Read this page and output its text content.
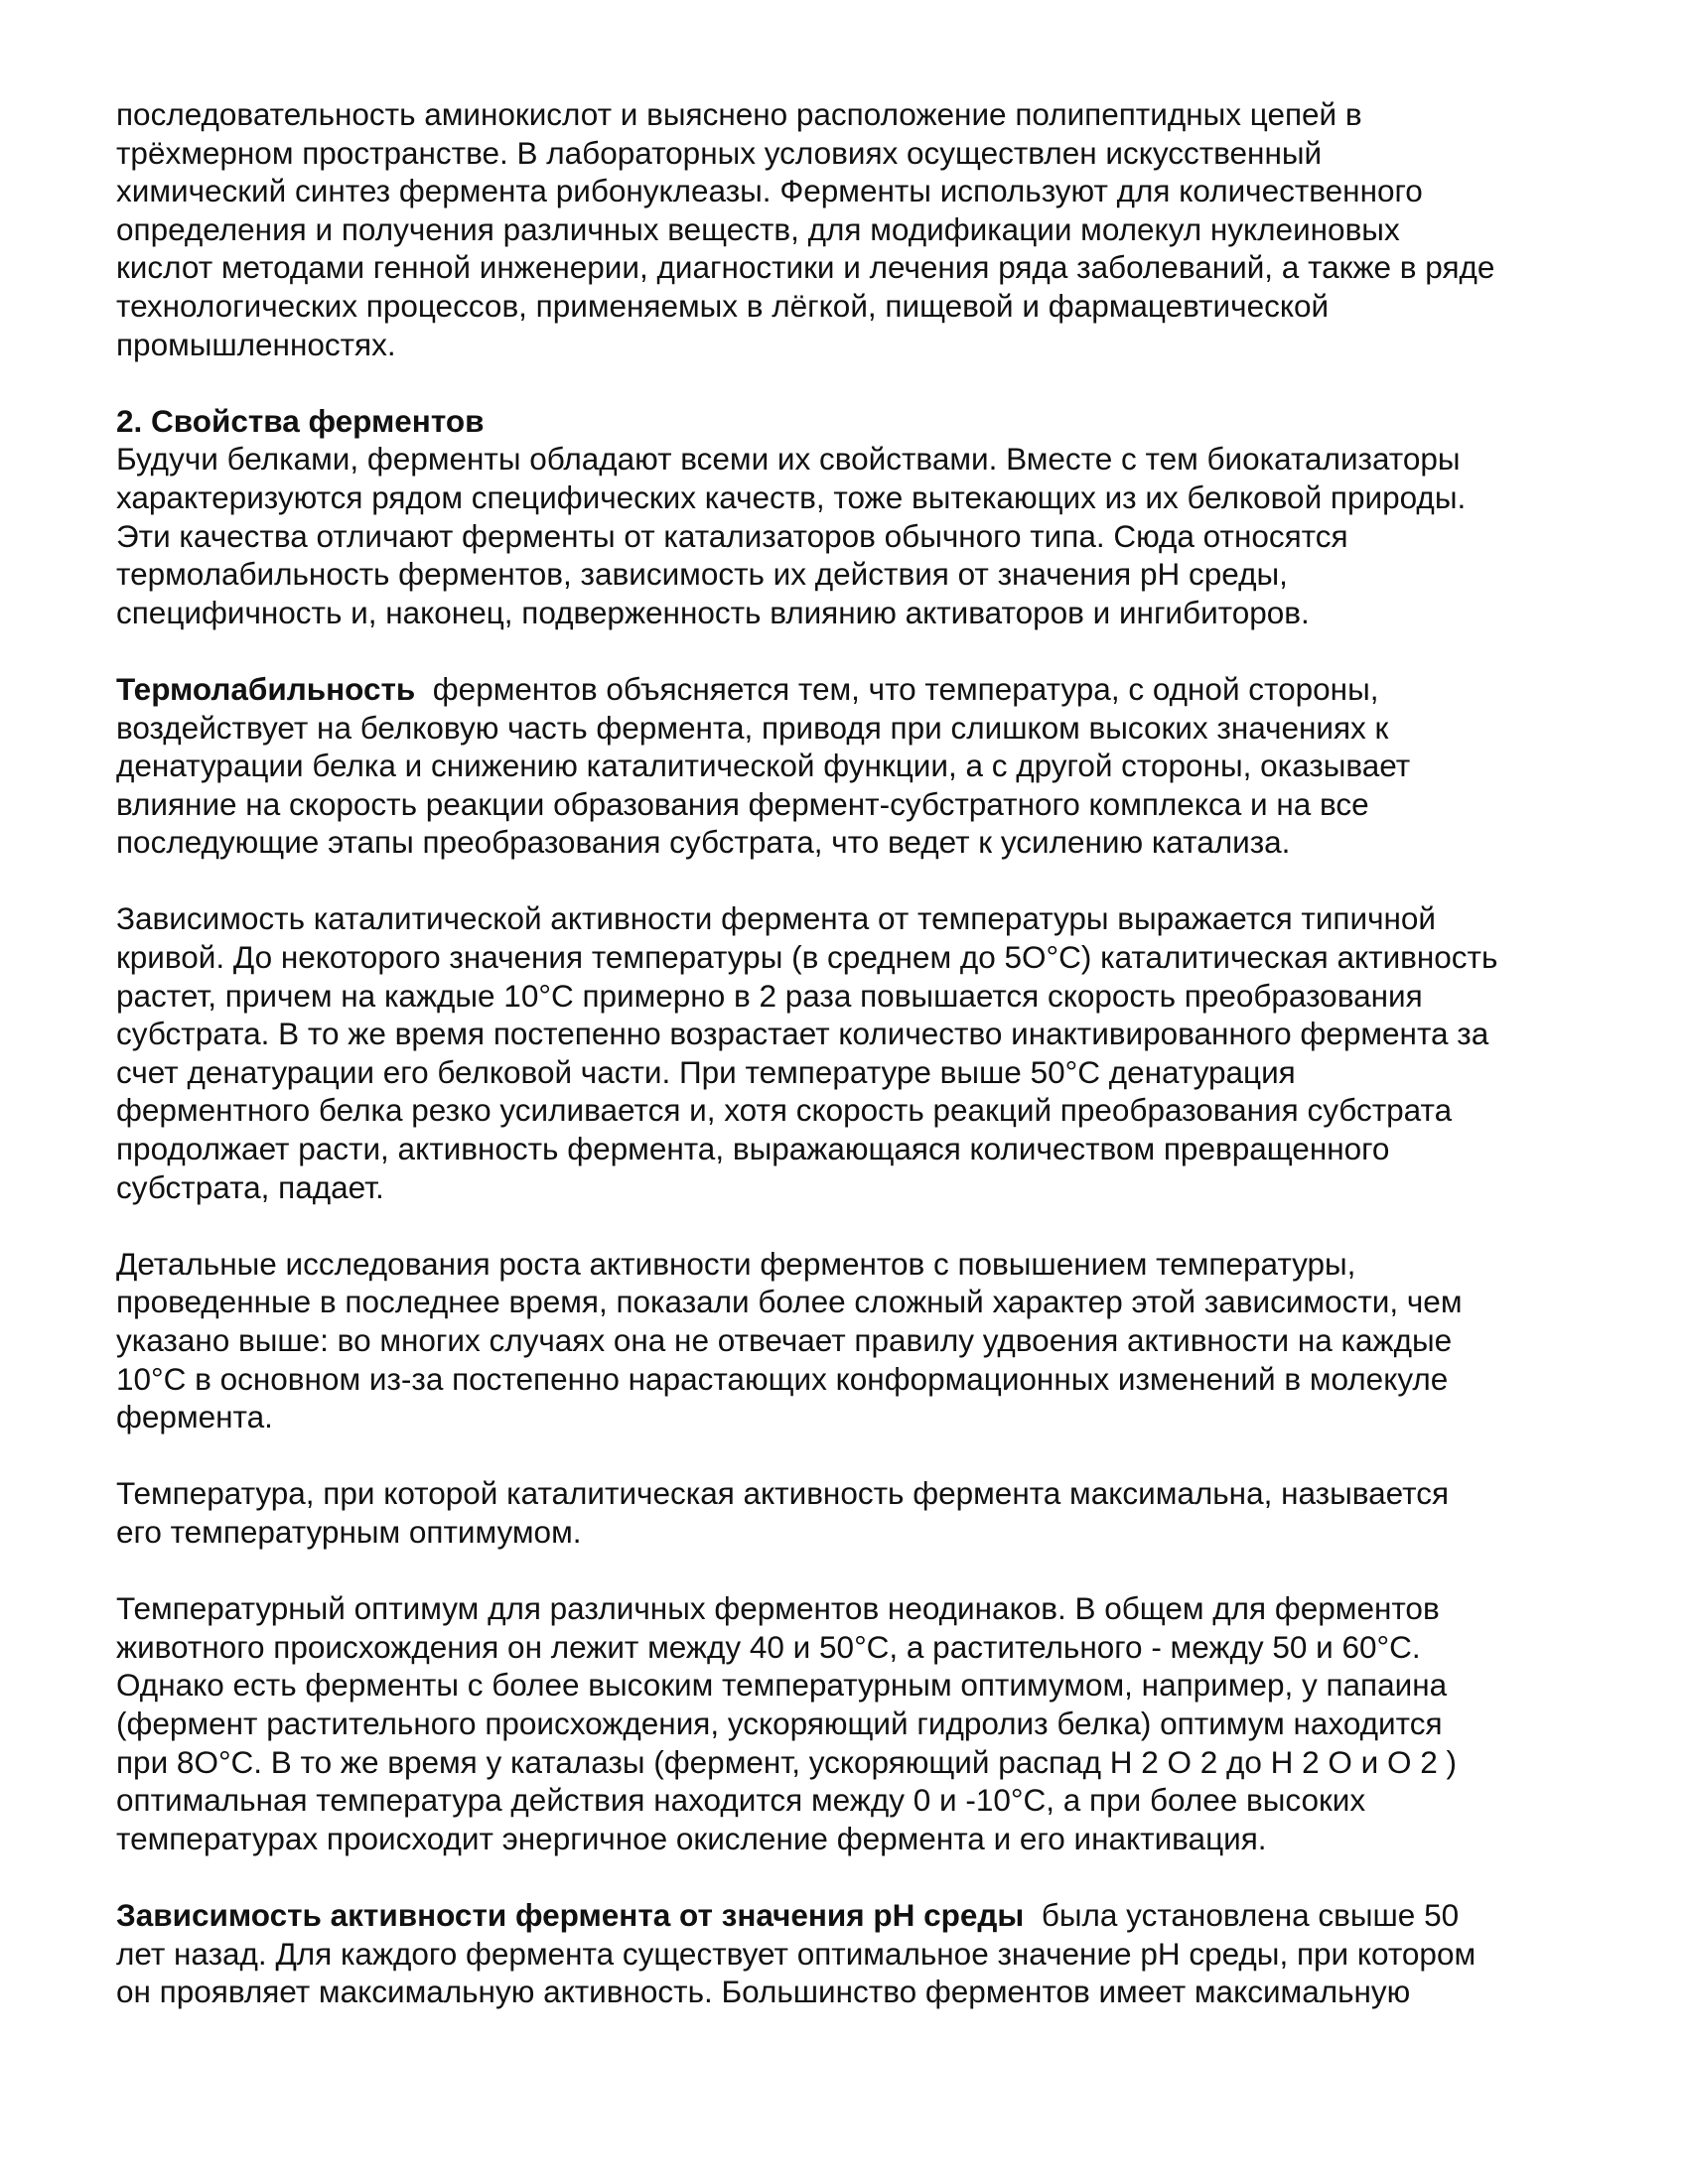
последовательность аминокислот и выяснено расположение полипептидных цепей в
трёхмерном пространстве. В лабораторных условиях осуществлен искусственный
химический синтез фермента рибонуклеазы. Ферменты используют для количественного
определения и получения различных веществ, для модификации молекул нуклеиновых
кислот методами генной инженерии, диагностики и лечения ряда заболеваний, а также в ряде
технологических процессов, применяемых в лёгкой, пищевой и фармацевтической
промышленностях.
2. Свойства ферментов
Будучи белками, ферменты обладают всеми их свойствами. Вместе с тем биокатализаторы
характеризуются рядом специфических качеств, тоже вытекающих из их белковой природы.
Эти качества отличают ферменты от катализаторов обычного типа. Сюда относятся
термолабильность ферментов, зависимость их действия от значения pH среды,
специфичность и, наконец, подверженность влиянию активаторов и ингибиторов.
Термолабильность  ферментов объясняется тем, что температура, с одной стороны,
воздействует на белковую часть фермента, приводя при слишком высоких значениях к
денатурации белка и снижению каталитической функции, а с другой стороны, оказывает
влияние на скорость реакции образования фермент-субстратного комплекса и на все
последующие этапы преобразования субстрата, что ведет к усилению катализа.
Зависимость каталитической активности фермента от температуры выражается типичной
кривой. До некоторого значения температуры (в среднем до 5О°С) каталитическая активность
растет, причем на каждые 10°С примерно в 2 раза повышается скорость преобразования
субстрата. В то же время постепенно возрастает количество инактивированного фермента за
счет денатурации его белковой части. При температуре выше 50°С денатурация
ферментного белка резко усиливается и, хотя скорость реакций преобразования субстрата
продолжает расти, активность фермента, выражающаяся количеством превращенного
субстрата, падает.
Детальные исследования роста активности ферментов с повышением температуры,
проведенные в последнее время, показали более сложный характер этой зависимости, чем
указано выше: во многих случаях она не отвечает правилу удвоения активности на каждые
10°С в основном из-за постепенно нарастающих конформационных изменений в молекуле
фермента.
Температура, при которой каталитическая активность фермента максимальна, называется
его температурным оптимумом.
Температурный оптимум для различных ферментов неодинаков. В общем для ферментов
животного происхождения он лежит между 40 и 50°С, а растительного - между 50 и 60°С.
Однако есть ферменты с более высоким температурным оптимумом, например, у папаина
(фермент растительного происхождения, ускоряющий гидролиз белка) оптимум находится
при 8О°С. В то же время у каталазы (фермент, ускоряющий распад Н 2 О 2 до Н 2 О и О 2 )
оптимальная температура действия находится между 0 и -10°С, а при более высоких
температурах происходит энергичное окисление фермента и его инактивация.
Зависимость активности фермента от значения pH среды  была установлена свыше 50
лет назад. Для каждого фермента существует оптимальное значение pH среды, при котором
он проявляет максимальную активность. Большинство ферментов имеет максимальную
